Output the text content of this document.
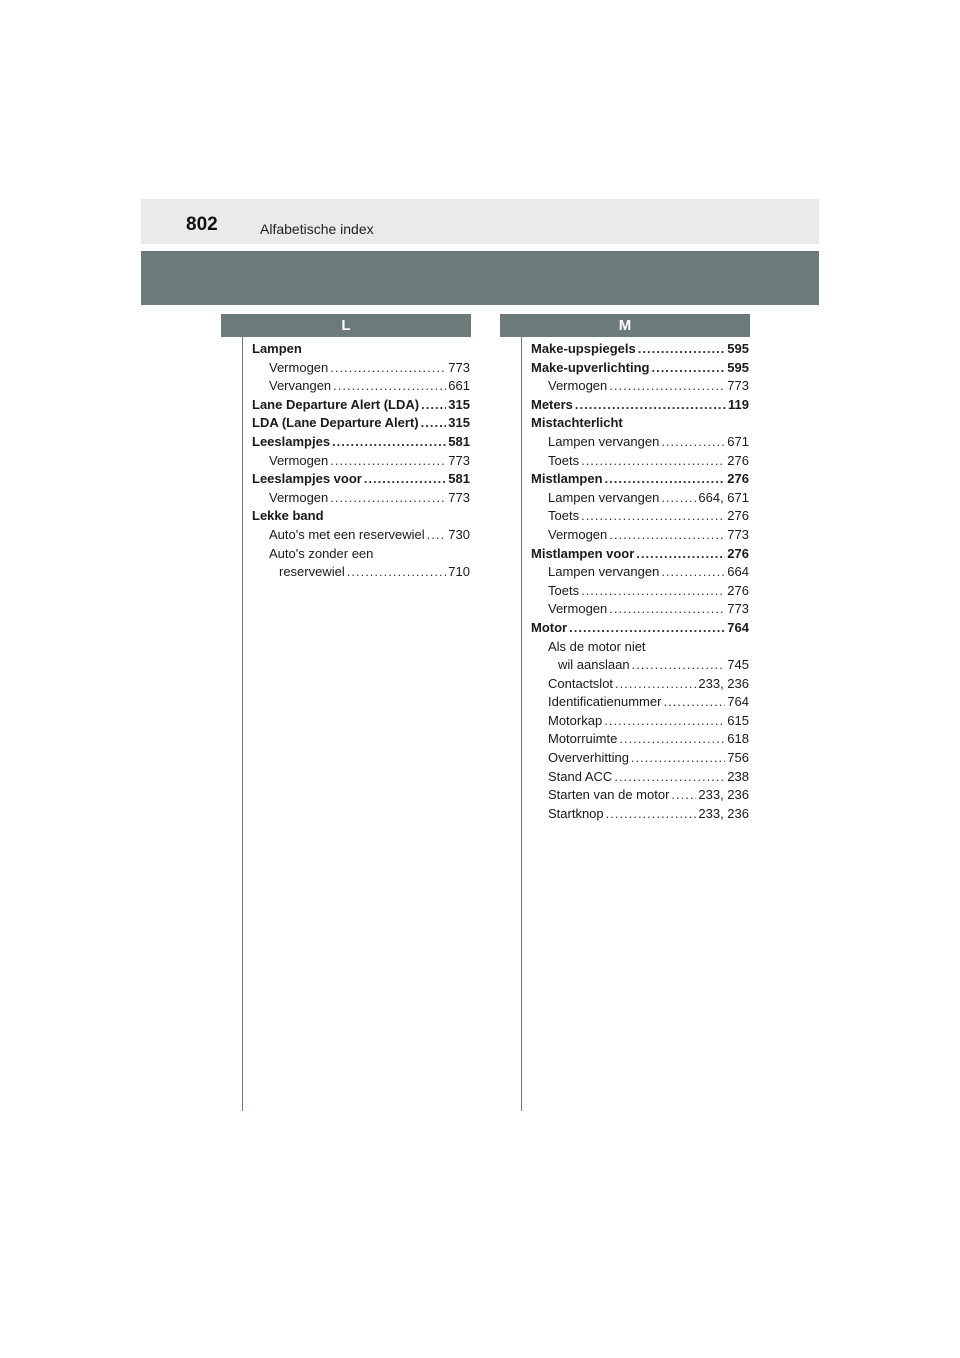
802	Alfabetische index
L	M
Lampen
Vermogen .....	773
Vervangen .....	661
Lane Departure Alert (LDA) ..... 315
LDA (Lane Departure Alert) ..... 315
Leeslampjes .....	581
Vermogen .....	773
Leeslampjes voor .....	581
Vermogen .....	773
Lekke band
Auto's met een reservewiel ..... 730
Auto's zonder een
reservewiel .....	710
Make-upspiegels .....	595
Make-upverlichting .....	595
Vermogen .....	773
Meters .....	119
Mistachterlicht
Lampen vervangen .....	671
Toets .....	276
Mistlampen .....	276
Lampen vervangen .....	664, 671
Toets .....	276
Vermogen .....	773
Mistlampen voor .....	276
Lampen vervangen .....	664
Toets .....	276
Vermogen .....	773
Motor .....	764
Als de motor niet
wil aanslaan .....	745
Contactslot .....	233, 236
Identificatienummer .....	764
Motorkap .....	615
Motorruimte .....	618
Oververhitting .....	756
Stand ACC .....	238
Starten van de motor ..... 233, 236
Startknop .....	233, 236
